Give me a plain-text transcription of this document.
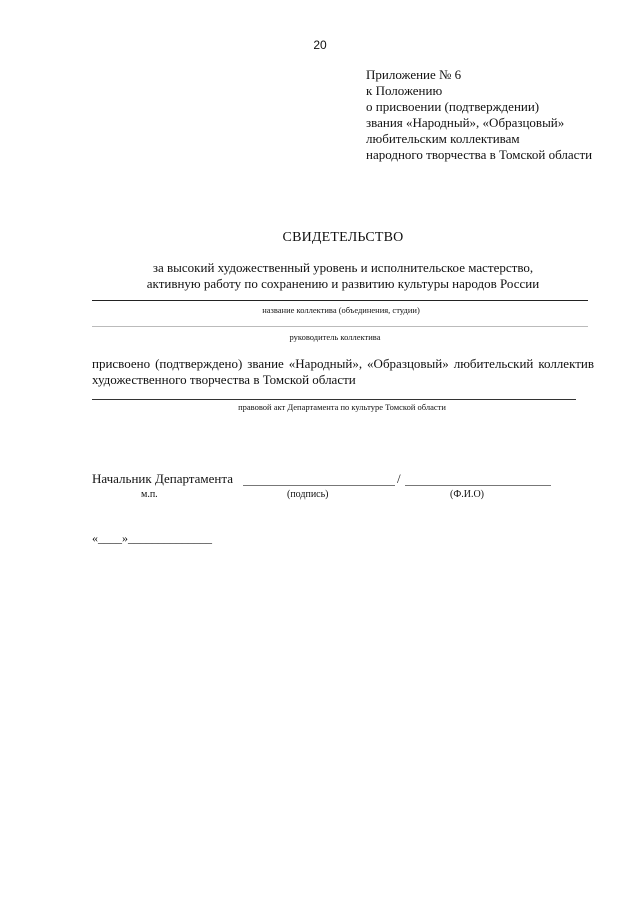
20
Приложение № 6
к Положению
о присвоении (подтверждении)
звания «Народный», «Образцовый»
любительским коллективам
народного творчества в Томской области
СВИДЕТЕЛЬСТВО
за высокий художественный уровень и исполнительское мастерство,
активную работу по сохранению и развитию культуры народов России
название коллектива (объединения, студии)
руководитель коллектива
присвоено (подтверждено) звание «Народный», «Образцовый» любительский коллектив художественного творчества в Томской области
правовой акт Департамента по культуре Томской области
Начальник Департамента	/
м.п.	(подпись)	(Ф.И.О)
«____»______________
